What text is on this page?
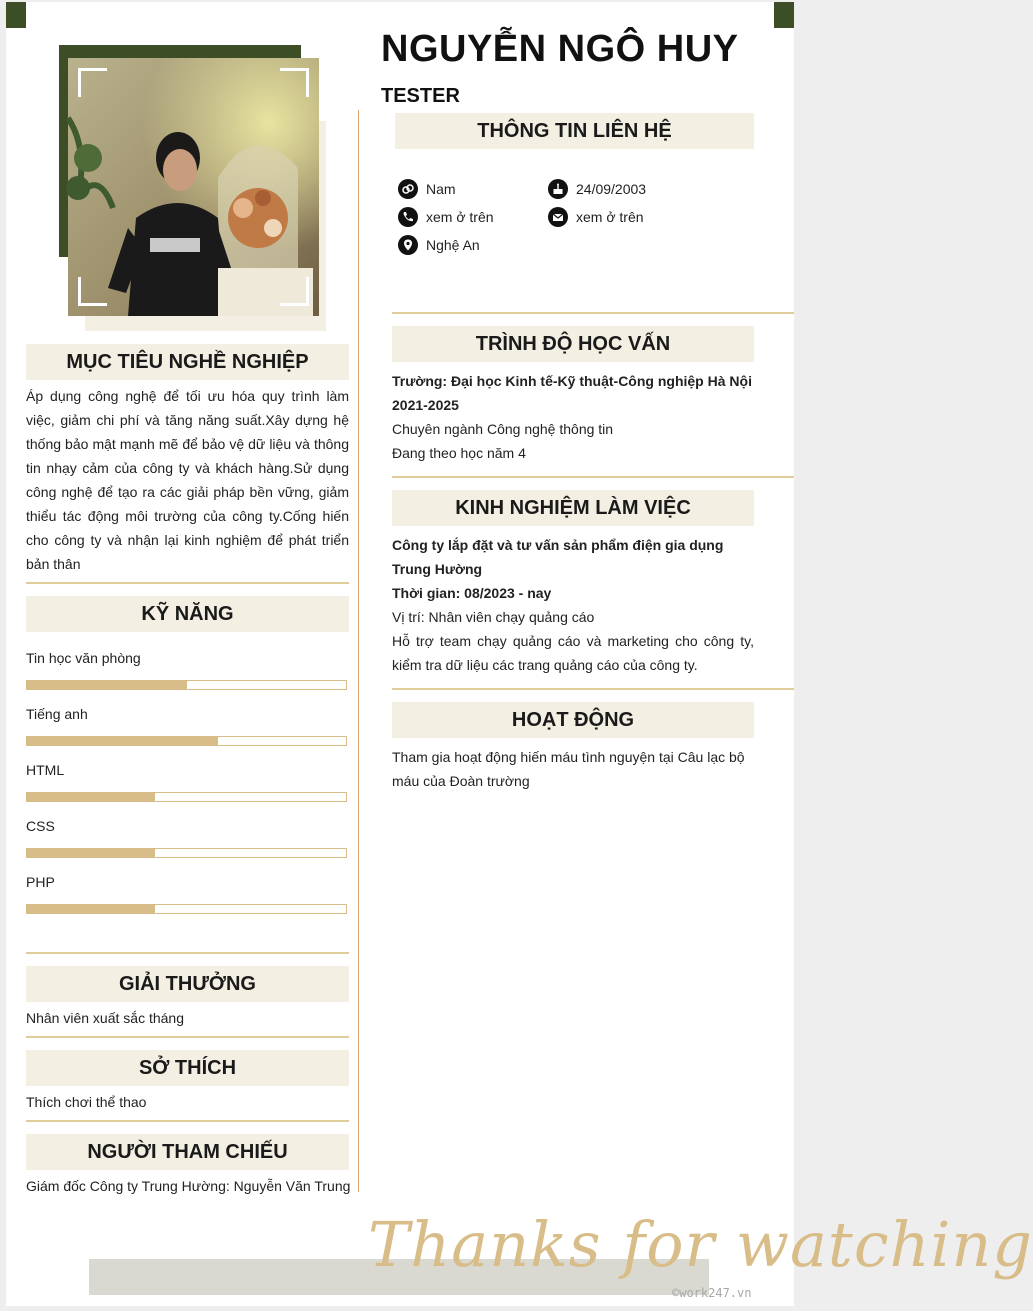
NGUYỄN NGÔ HUY
TESTER
THÔNG TIN LIÊN HỆ
Nam	24/09/2003
xem ở trên	xem ở trên
Nghệ An
MỤC TIÊU NGHỀ NGHIỆP
Áp dụng công nghệ để tối ưu hóa quy trình làm việc, giảm chi phí và tăng năng suất.Xây dựng hệ thống bảo mật mạnh mẽ để bảo vệ dữ liệu và thông tin nhạy cảm của công ty và khách hàng.Sử dụng công nghệ để tạo ra các giải pháp bền vững, giảm thiểu tác động môi trường của công ty.Cống hiến cho công ty và nhận lại kinh nghiệm để phát triển bản thân
KỸ NĂNG
Tin học văn phòng
Tiếng anh
HTML
CSS
PHP
GIẢI THƯỞNG
Nhân viên xuất sắc tháng
SỞ THÍCH
Thích chơi thể thao
NGƯỜI THAM CHIẾU
Giám đốc Công ty Trung Hường: Nguyễn Văn Trung
TRÌNH ĐỘ HỌC VẤN
Trường: Đại học Kinh tế-Kỹ thuật-Công nghiệp Hà Nội
2021-2025
Chuyên ngành Công nghệ thông tin
Đang theo học năm 4
KINH NGHIỆM LÀM VIỆC
Công ty lắp đặt và tư vấn sản phẩm điện gia dụng Trung Hường
Thời gian: 08/2023 - nay
Vị trí: Nhân viên chạy quảng cáo
Hỗ trợ team chạy quảng cáo và marketing cho công ty, kiểm tra dữ liệu các trang quảng cáo của công ty.
HOẠT ĐỘNG
Tham gia hoạt động hiến máu tình nguyện tại Câu lạc bộ máu của Đoàn trường
Thanks for watching
©work247.vn
